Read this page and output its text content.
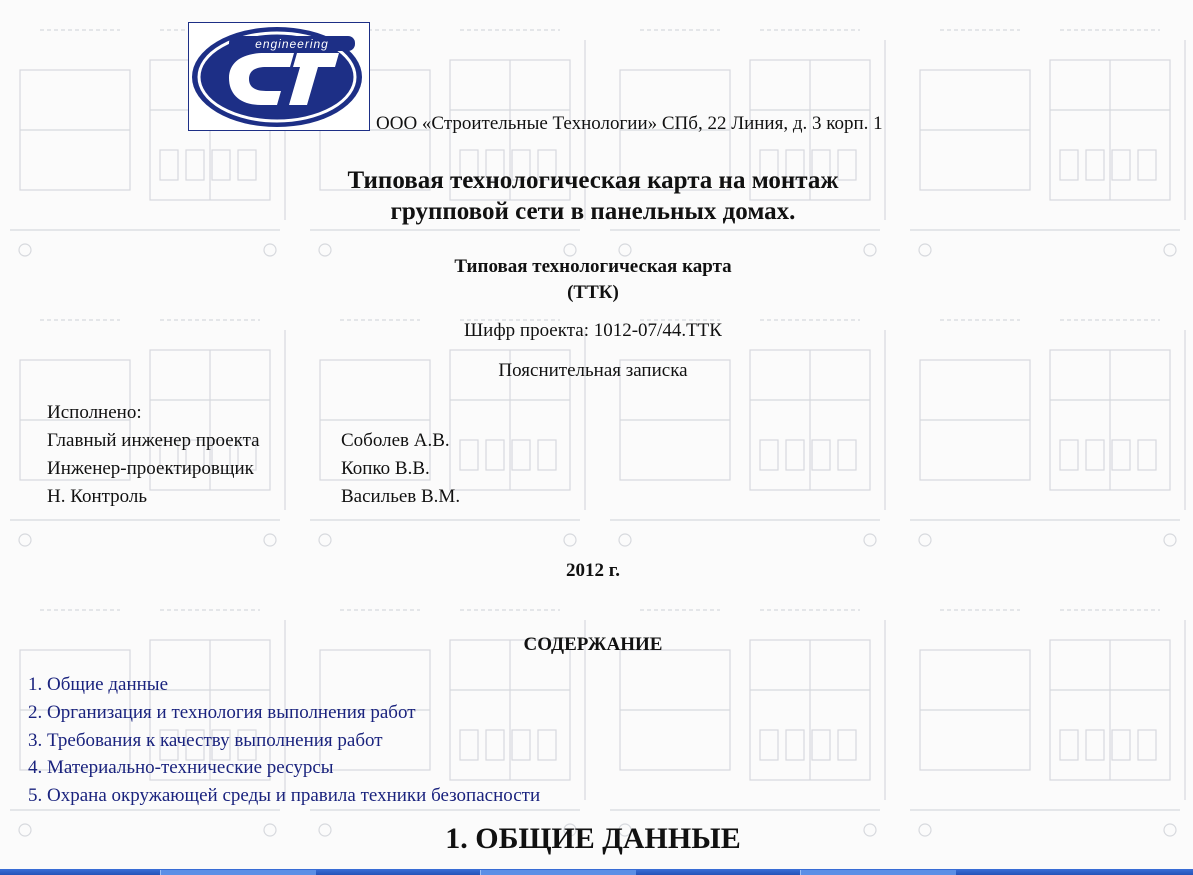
engineering
ООО «Строительные Технологии» СПб, 22 Линия, д. 3 корп. 1
Типовая технологическая карта на монтаж
групповой сети в панельных домах.
Типовая технологическая карта
(ТТК)
Шифр проекта: 1012-07/44.ТТК
Пояснительная записка
Исполнено:
Главный инженер проекта	Соболев А.В.
Инженер-проектировщик	Копко В.В.
Н. Контроль	Васильев В.М.
2012 г.
СОДЕРЖАНИЕ
1. Общие данные
2. Организация и технология выполнения работ
3. Требования к качеству выполнения работ
4. Материально-технические ресурсы
5. Охрана окружающей среды и правила техники безопасности
1. ОБЩИЕ ДАННЫЕ
